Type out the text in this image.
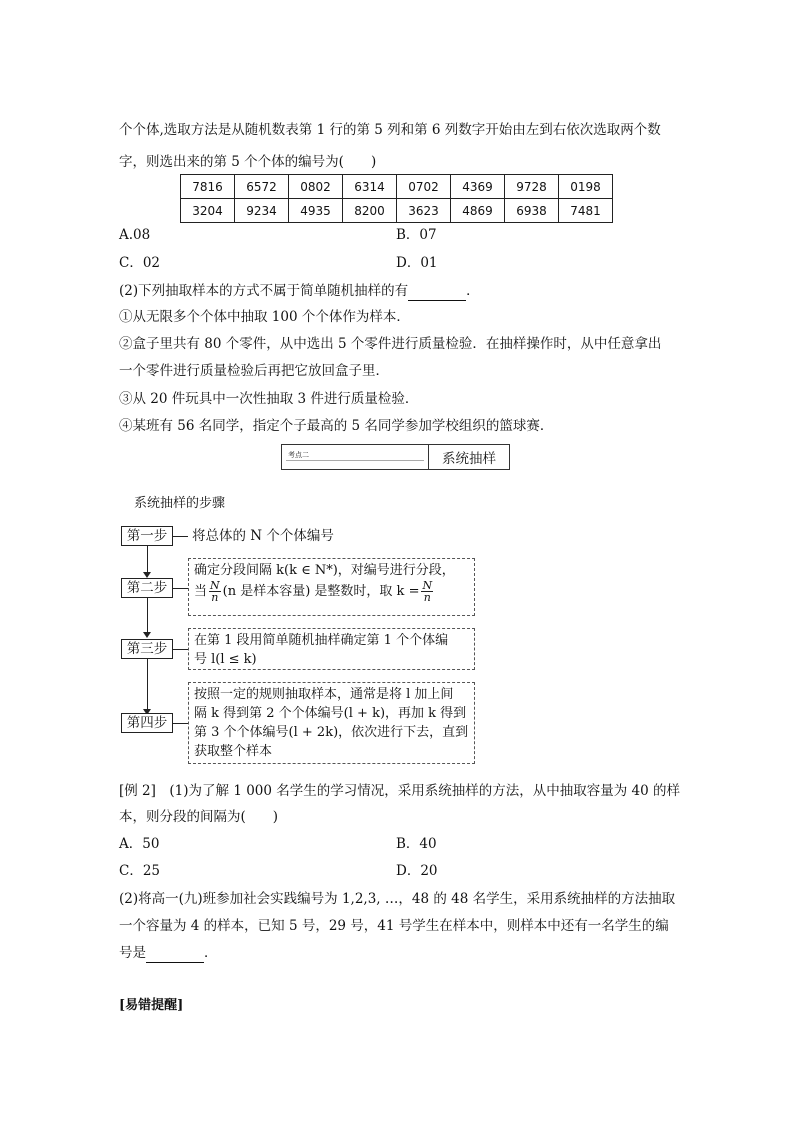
个个体,选取方法是从随机数表第 1 行的第 5 列和第 6 列数字开始由左到右依次选取两个数
字，则选出来的第 5 个个体的编号为(　　)
7816	6572	0802	6314	0702	4369	9728	0198
3204	9234	4935	8200	3623	4869	6938	7481
A.08	B．07
C．02	D．01
(2)下列抽取样本的方式不属于简单随机抽样的有	．
①从无限多个个体中抽取 100 个个体作为样本．
②盒子里共有 80 个零件，从中选出 5 个零件进行质量检验．在抽样操作时，从中任意拿出
一个零件进行质量检验后再把它放回盒子里．
③从 20 件玩具中一次性抽取 3 件进行质量检验．
④某班有 56 名同学，指定个子最高的 5 名同学参加学校组织的篮球赛．
考点二	系统抽样
系统抽样的步骤
第一步	将总体的 N 个个体编号
第二步
确定分段间隔 k(k ∈ N*)，对编号进行分段，
当 $\frac{N}{n} (n$ 是样本容量) 是整数时，取 $k = \frac{N}{n}$
第三步
在第 1 段用简单随机抽样确定第 1 个个体编
号 l(l ≤ k)
第四步
按照一定的规则抽取样本，通常是将 l 加上间
隔 k 得到第 2 个个体编号(l + k)，再加 k 得到
第 3 个个体编号(l + 2k)，依次进行下去，直到
获取整个样本
[例 2]　(1)为了解 1 000 名学生的学习情况，采用系统抽样的方法，从中抽取容量为 40 的样
本，则分段的间隔为(　　)
A．50	B．40
C．25	D．20
(2)将高一(九)班参加社会实践编号为 1,2,3, …，48 的 48 名学生，采用系统抽样的方法抽取
一个容量为 4 的样本，已知 5 号，29 号，41 号学生在样本中，则样本中还有一名学生的编
号是	．
[易错提醒]
